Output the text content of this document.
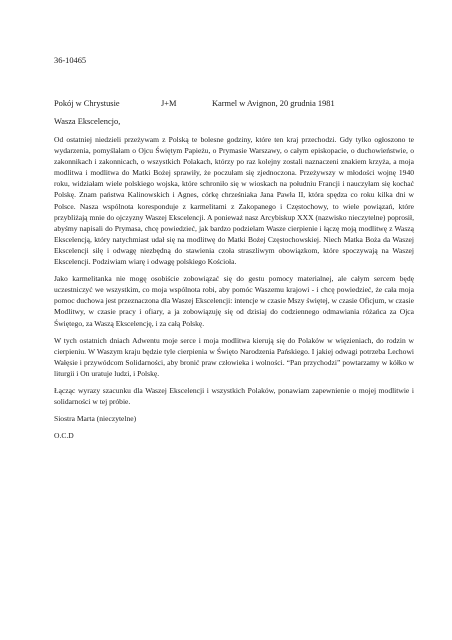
36-10465
Pokój w Chrystusie	J+M	Karmel w Avignon, 20 grudnia 1981
Wasza Ekscelencjo,

Od ostatniej niedzieli przeżywam z Polską te bolesne godziny, które ten kraj przechodzi. Gdy tylko ogłoszono te wydarzenia, pomyślałam o Ojcu Świętym Papieżu, o Prymasie Warszawy, o całym episkopacie, o duchowieństwie, o zakonnikach i zakonnicach, o wszystkich Polakach, którzy po raz kolejny zostali naznaczeni znakiem krzyża, a moja modlitwa i modlitwa do Matki Bożej sprawiły, że poczułam się zjednoczona. Przeżywszy w młodości wojnę 1940 roku, widziałam wiele polskiego wojska, które schroniło się w wioskach na południu Francji i nauczyłam się kochać Polskę. Znam państwa Kalinowskich i Agnes, córkę chrześniaka Jana Pawła II, która spędza co roku kilka dni w Polsce. Nasza wspólnota koresponduje z karmelitami z Zakopanego i Częstochowy, to wiele powiązań, które przybliżają mnie do ojczyzny Waszej Ekscelencji. A ponieważ nasz Arcybiskup XXX (nazwisko nieczytelne) poprosił, abyśmy napisali do Prymasa, chcę powiedzieć, jak bardzo podzielam Wasze cierpienie i łączę moją modlitwę z Waszą Ekscelencją, który natychmiast udał się na modlitwę do Matki Bożej Częstochowskiej. Niech Matka Boża da Waszej Ekscelencji siłę i odwagę niezbędną do stawienia czoła straszliwym obowiązkom, które spoczywają na Waszej Ekscelencji. Podziwiam wiarę i odwagę polskiego Kościoła.

Jako karmelitanka nie mogę osobiście zobowiązać się do gestu pomocy materialnej, ale całym sercem będę uczestniczyć we wszystkim, co moja wspólnota robi, aby pomóc Waszemu krajowi - i chcę powiedzieć, że cała moja pomoc duchowa jest przeznaczona dla Waszej Ekscelencji: intencje w czasie Mszy świętej, w czasie Oficjum, w czasie Modlitwy, w czasie pracy i ofiary, a ja zobowiązuję się od dzisiaj do codziennego odmawiania różańca za Ojca Świętego, za Waszą Ekscelencję, i za całą Polskę.

W tych ostatnich dniach Adwentu moje serce i moja modlitwa kierują się do Polaków w więzieniach, do rodzin w cierpieniu. W Waszym kraju będzie tyle cierpienia w Święto Narodzenia Pańskiego. I jakiej odwagi potrzeba Lechowi Wałęsie i przywódcom Solidarności, aby bronić praw człowieka i wolności. “Pan przychodzi” powtarzamy w kółko w liturgii i On uratuje ludzi, i Polskę.

Łącząc wyrazy szacunku dla Waszej Ekscelencji i wszystkich Polaków, ponawiam zapewnienie o mojej modlitwie i solidarności w tej próbie.

Siostra Marta (nieczytelne)

O.C.D
